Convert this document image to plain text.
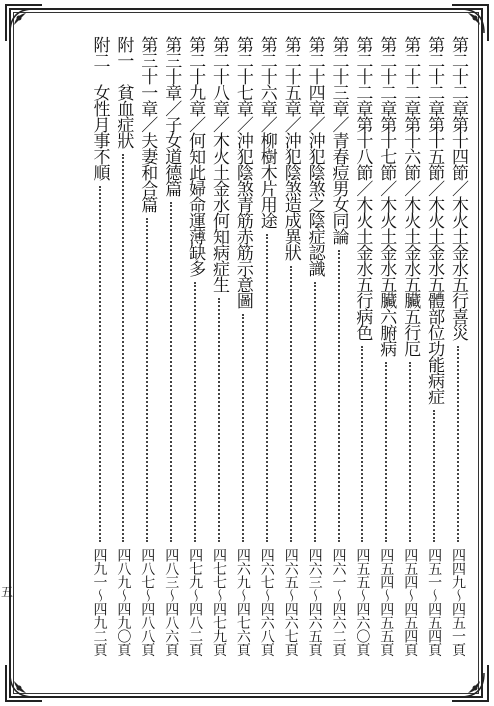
五
第二十二章第十四節／木火土金水五行喜災
四四九～四五一頁
第二十二章第十五節／木火土金水五體部位功能病症
四五一～四五四頁
第二十二章第十六節／木火土金水五臟五行厄
四五四～四五四頁
第二十二章第十七節／木火土金水五臟六腑病
四五四～四五五頁
第二十二章第十八節／木火土金水五行病色
四五五～四六〇頁
第二十三章／青春痘男女同論
四六一～四六二頁
第二十四章／沖犯陰煞之陰症認識
四六三～四六五頁
第二十五章／沖犯陰煞造成異狀
四六五～四六七頁
第二十六章／柳樹木片用途
四六七～四六八頁
第二十七章／沖犯陰煞青筋赤筋示意圖
四六九～四七六頁
第二十八章／木火土金水何知病症生
四七七～四七九頁
第二十九章／何知此婦命運薄缺多
四七九～四八二頁
第三十章／子女道德篇
四八三～四八六頁
第三十一章／夫妻和合篇
四八七～四八八頁
附一　貧血症狀
四八九～四九〇頁
附二　女性月事不順
四九一～四九二頁
